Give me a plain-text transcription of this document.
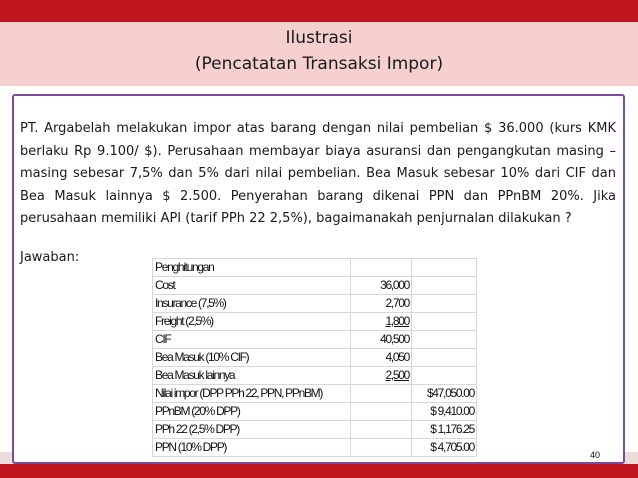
Ilustrasi
(Pencatatan Transaksi Impor)

PT. Argabelah melakukan impor atas barang dengan nilai pembelian $ 36.000 (kurs KMK berlaku Rp 9.100/ $). Perusahaan membayar biaya asuransi dan pengangkutan masing – masing sebesar 7,5% dan 5% dari nilai pembelian. Bea Masuk sebesar 10% dari CIF dan Bea Masuk lainnya $ 2.500. Penyerahan barang dikenai PPN dan PPnBM 20%. Jika perusahaan memiliki API (tarif PPh 22 2,5%), bagaimanakah penjurnalan dilakukan ?

Jawaban:
Penghitungan		
Cost	36,000	
Insurance (7,5%)	2,700	
Freight (2,5%)	1,800	
CIF	40,500	
Bea Masuk (10% CIF)	4,050	
Bea Masuk lainnya	2,500	
Nilai impor (DPP PPh 22, PPN, PPnBM)		$47,050.00
PPnBM (20% DPP)		$ 9,410.00
PPh 22 (2,5% DPP)		$ 1,176.25
PPN (10% DPP)		$ 4,705.00
40
